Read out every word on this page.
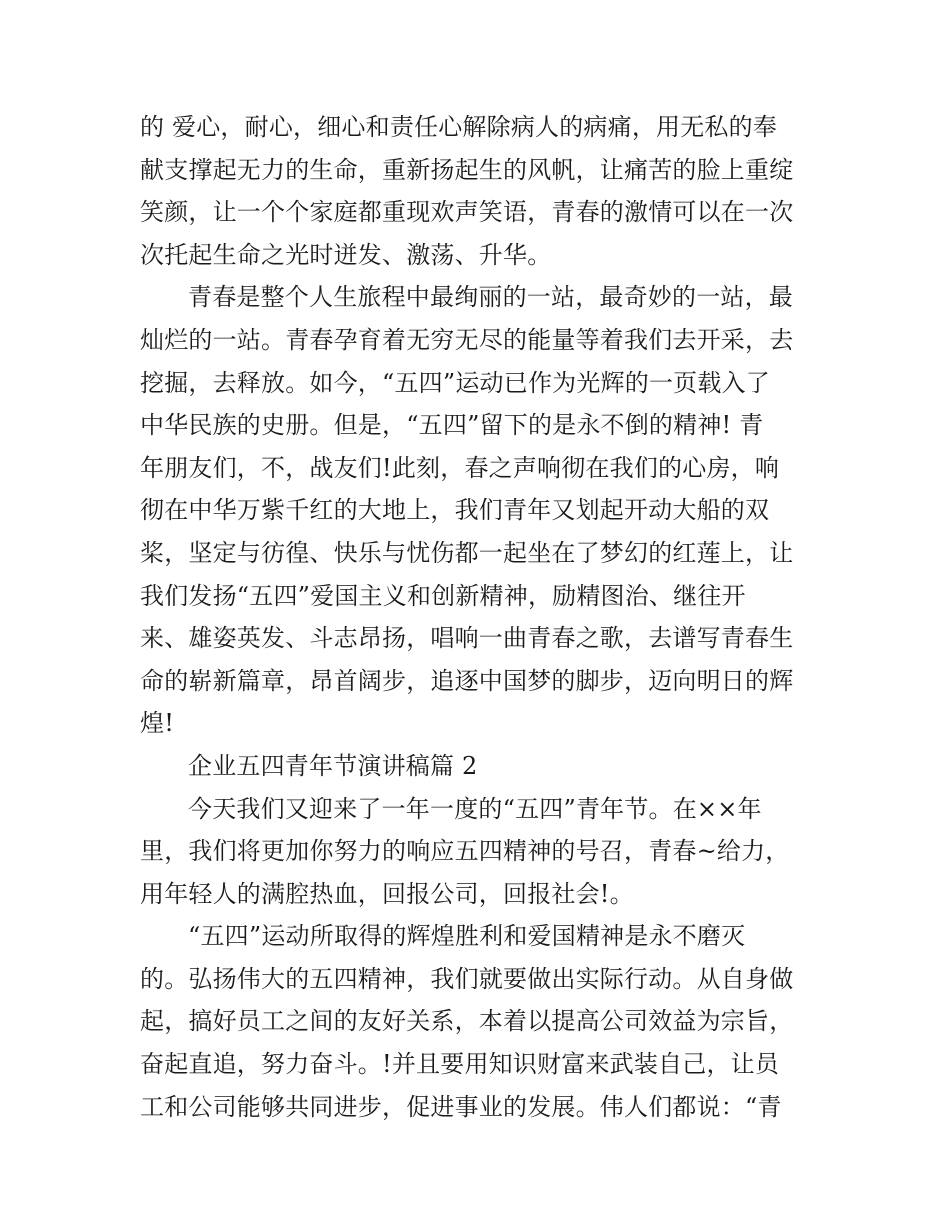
的 爱心，耐心，细心和责任心解除病人的病痛，用无私的奉
献支撑起无力的生命，重新扬起生的风帆，让痛苦的脸上重绽
笑颜，让一个个家庭都重现欢声笑语，青春的激情可以在一次
次托起生命之光时迸发、激荡、升华。
青春是整个人生旅程中最绚丽的一站，最奇妙的一站，最
灿烂的一站。青春孕育着无穷无尽的能量等着我们去开采，去
挖掘，去释放。如今，“五四”运动已作为光辉的一页载入了
中华民族的史册。但是，“五四”留下的是永不倒的精神! 青
年朋友们，不，战友们!此刻，春之声响彻在我们的心房，响
彻在中华万紫千红的大地上，我们青年又划起开动大船的双
桨，坚定与彷徨、快乐与忧伤都一起坐在了梦幻的红莲上，让
我们发扬“五四”爱国主义和创新精神，励精图治、继往开
来、雄姿英发、斗志昂扬，唱响一曲青春之歌，去谱写青春生
命的崭新篇章，昂首阔步，追逐中国梦的脚步，迈向明日的辉
煌!
企业五四青年节演讲稿篇 2
今天我们又迎来了一年一度的“五四”青年节。在××年
里，我们将更加你努力的响应五四精神的号召，青春~给力，
用年轻人的满腔热血，回报公司，回报社会!。
“五四”运动所取得的辉煌胜利和爱国精神是永不磨灭
的。弘扬伟大的五四精神，我们就要做出实际行动。从自身做
起，搞好员工之间的友好关系，本着以提高公司效益为宗旨，
奋起直追，努力奋斗。!并且要用知识财富来武装自己，让员
工和公司能够共同进步，促进事业的发展。伟人们都说：“青
